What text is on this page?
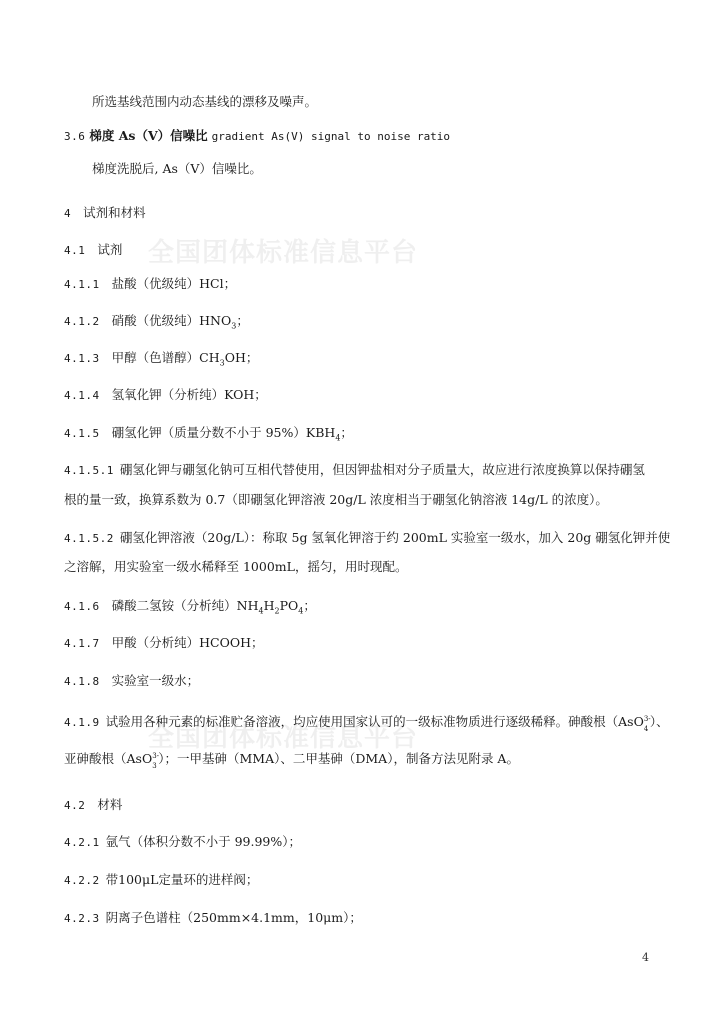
全国团体标准信息平台
全国团体标准信息平台
所选基线范围内动态基线的漂移及噪声。
3.6 梯度 As（V）信噪比 gradient As(V) signal to noise ratio
梯度洗脱后, As（V）信噪比。
4 试剂和材料
4.1 试剂
4.1.1 盐酸（优级纯）HCl；
4.1.2 硝酸（优级纯）$HNO_3$；
4.1.3 甲醇（色谱醇）$CH_3OH$；
4.1.4 氢氧化钾（分析纯）KOH；
4.1.5 硼氢化钾（质量分数不小于 $95\%)KBH_4$；
4.1.5.1 硼氢化钾与硼氢化钠可互相代替使用，但因钾盐相对分子质量大，故应进行浓度换算以保持硼氢
根的量一致，换算系数为 0.7（即硼氢化钾溶液 20g/L 浓度相当于硼氢化钠溶液 14g/L 的浓度）。
4.1.5.2 硼氢化钾溶液（20g/L）：称取 5g 氢氧化钾溶于约 200mL 实验室一级水，加入 20g 硼氢化钾并使
之溶解，用实验室一级水稀释至 1000mL，摇匀，用时现配。
4.1.6 磷酸二氢铵（分析纯）$NH_4H_2PO_4$；
4.1.7 甲酸（分析纯）HCOOH；
4.1.8 实验室一级水；
4.1.9 试验用各种元素的标准贮备溶液，均应使用国家认可的一级标准物质进行逐级稀释。砷酸根（AsO 3-
4 ）、
亚砷酸根（AsO 3-
3 ）；一甲基砷（MMA）、二甲基砷（DMA），制备方法见附录 A。
4.2 材料
4.2.1 氩气（体积分数不小于 99.99%）；
4.2.2 带100μL定量环的进样阀；
4.2.3 阴离子色谱柱（250mm×4.1mm，10μm）；
4
